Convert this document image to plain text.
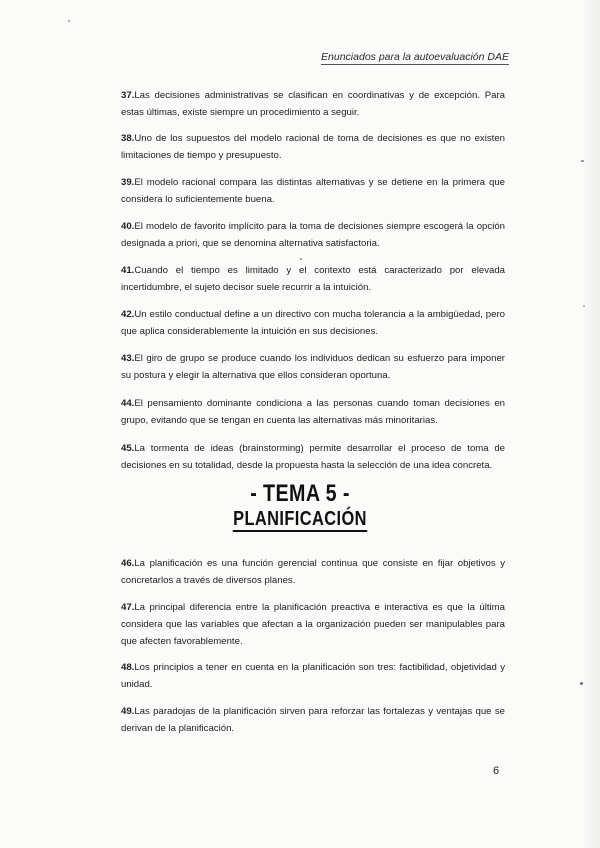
Enunciados para la autoevaluación DAE
37.Las decisiones administrativas se clasifican en coordinativas y de excepción. Para estas últimas, existe siempre un procedimiento a seguir.
38.Uno de los supuestos del modelo racional de toma de decisiones es que no existen limitaciones de tiempo y presupuesto.
39.El modelo racional compara las distintas alternativas y se detiene en la primera que considera lo suficientemente buena.
40.El modelo de favorito implícito para la toma de decisiones siempre escogerá la opción designada a priori, que se denomina alternativa satisfactoria.
41.Cuando el tiempo es limitado y el contexto está caracterizado por elevada incertidumbre, el sujeto decisor suele recurrir a la intuición.
42.Un estilo conductual define a un directivo con mucha tolerancia a la ambigüedad, pero que aplica considerablemente la intuición en sus decisiones.
43.El giro de grupo se produce cuando los individuos dedican su esfuerzo para imponer su postura y elegir la alternativa que ellos consideran oportuna.
44.El pensamiento dominante condiciona a las personas cuando toman decisiones en grupo, evitando que se tengan en cuenta las alternativas más minoritarias.
45.La tormenta de ideas (brainstorming) permite desarrollar el proceso de toma de decisiones en su totalidad, desde la propuesta hasta la selección de una idea concreta.
- TEMA 5 -
PLANIFICACIÓN
46.La planificación es una función gerencial continua que consiste en fijar objetivos y concretarlos a través de diversos planes.
47.La principal diferencia entre la planificación preactiva e interactiva es que la última considera que las variables que afectan a la organización pueden ser manipulables para que afecten favorablemente.
48.Los principios a tener en cuenta en la planificación son tres: factibilidad, objetividad y unidad.
49.Las paradojas de la planificación sirven para reforzar las fortalezas y ventajas que se derivan de la planificación.
6
